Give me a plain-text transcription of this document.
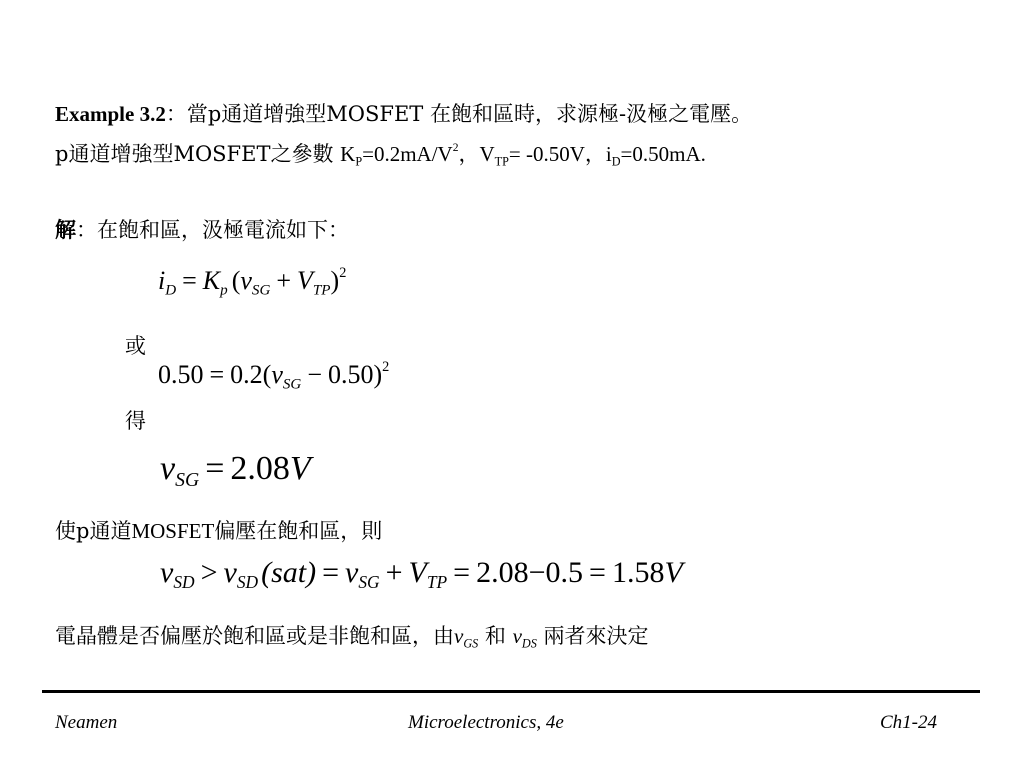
Example 3.2：當p通道增強型MOSFET 在飽和區時，求源極-汲極之電壓。
p通道增強型MOSFET之參數 $K_P=0.2mA/V^2$，$V_{TP}= -0.50V$，$i_D=0.50mA$.
解：在飽和區，汲極電流如下：
$i_D = K_p$ $(v_{SG} + V_{TP})^2$
或
$0.50 = 0.2(v_{SG} - 0.50)^2$
得
$v_{SG} = 2.08V$
使p通道MOSFET偏壓在飽和區，則
$v_{SD} > v_{SD}$ $(sat) = v_{SG} + V_{TP} = 2.08-0.5 = 1.58V$
電晶體是否偏壓於飽和區或是非飽和區，由$v_{GS}$ 和 $v_{DS}$ 兩者來決定
Neamen	Microelectronics, 4e	Ch1-24
